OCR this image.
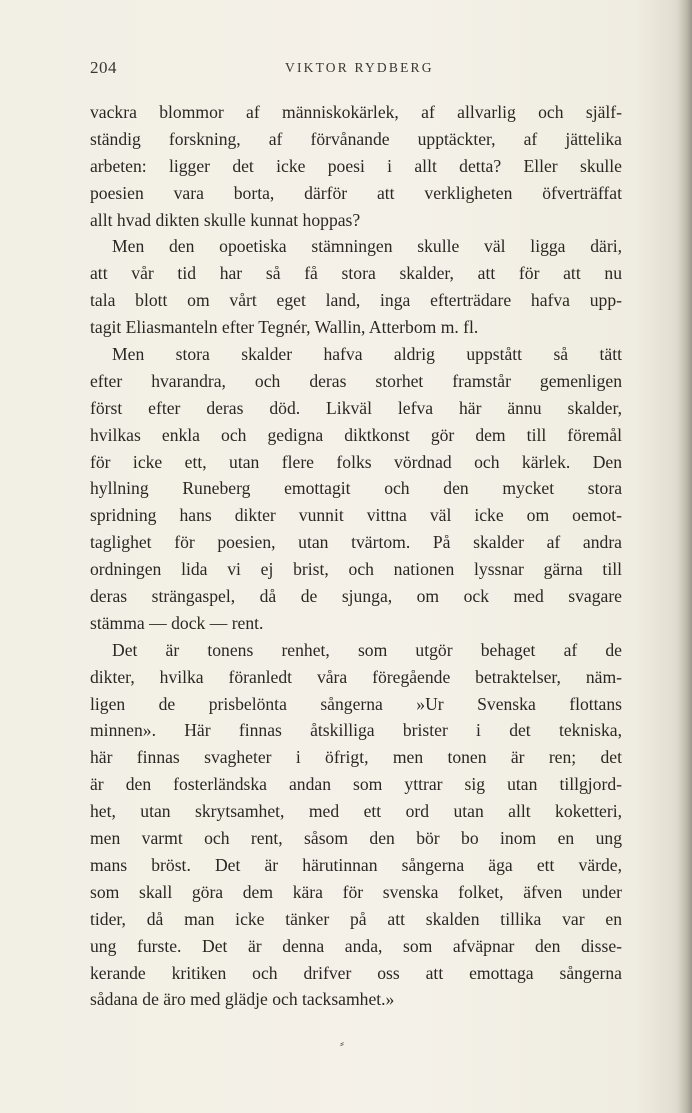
204	VIKTOR RYDBERG
vackra blommor af människokärlek, af allvarlig och själf-
ständig forskning, af förvånande upptäckter, af jättelika
arbeten: ligger det icke poesi i allt detta? Eller skulle
poesien vara borta, därför att verkligheten öfverträffat
allt hvad dikten skulle kunnat hoppas?
Men den opoetiska stämningen skulle väl ligga däri,
att vår tid har så få stora skalder, att för att nu
tala blott om vårt eget land, inga efterträdare hafva upp-
tagit Eliasmanteln efter Tegnér, Wallin, Atterbom m. fl.
Men stora skalder hafva aldrig uppstått så tätt
efter hvarandra, och deras storhet framstår gemenligen
först efter deras död. Likväl lefva här ännu skalder,
hvilkas enkla och gedigna diktkonst gör dem till föremål
för icke ett, utan flere folks vördnad och kärlek. Den
hyllning Runeberg emottagit och den mycket stora
spridning hans dikter vunnit vittna väl icke om oemot-
taglighet för poesien, utan tvärtom. På skalder af andra
ordningen lida vi ej brist, och nationen lyssnar gärna till
deras strängaspel, då de sjunga, om ock med svagare
stämma — dock — rent.
Det är tonens renhet, som utgör behaget af de
dikter, hvilka föranledt våra föregående betraktelser, näm-
ligen de prisbelönta sångerna »Ur Svenska flottans
minnen». Här finnas åtskilliga brister i det tekniska,
här finnas svagheter i öfrigt, men tonen är ren; det
är den fosterländska andan som yttrar sig utan tillgjord-
het, utan skrytsamhet, med ett ord utan allt koketteri,
men varmt och rent, såsom den bör bo inom en ung
mans bröst. Det är härutinnan sångerna äga ett värde,
som skall göra dem kära för svenska folket, äfven under
tider, då man icke tänker på att skalden tillika var en
ung furste. Det är denna anda, som afväpnar den disse-
kerande kritiken och drifver oss att emottaga sångerna
sådana de äro med glädje och tacksamhet.»
⸗
